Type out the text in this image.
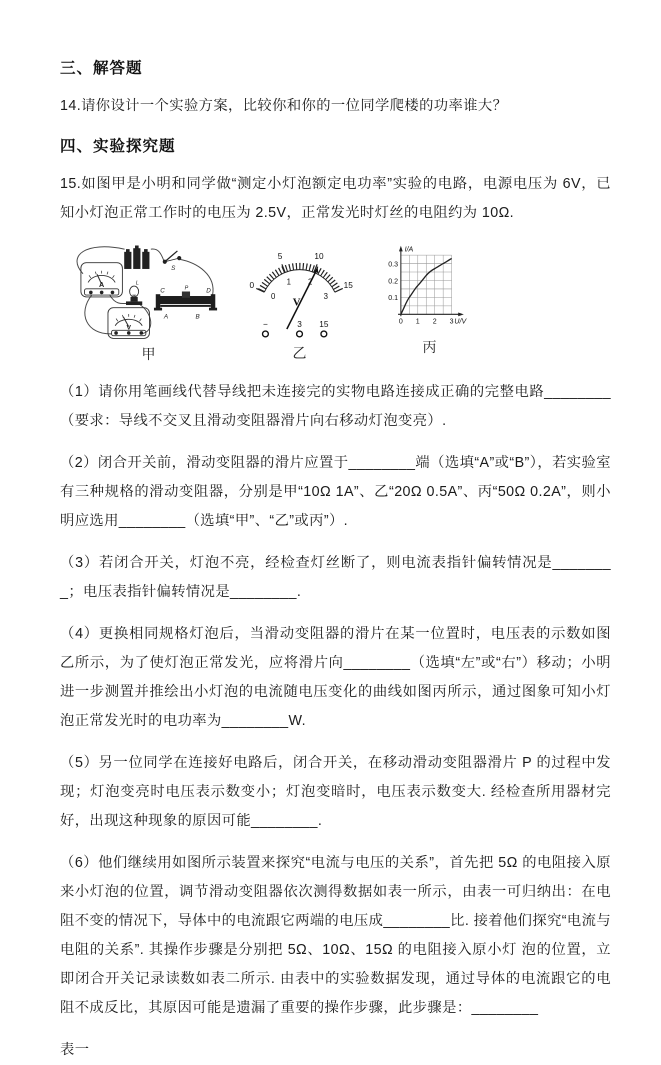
三、解答题

14.请你设计一个实验方案，比较你和你的一位同学爬楼的功率谁大？

四、实验探究题

15.如图甲是小明和同学做“测定小灯泡额定电功率”实验的电路，电源电压为 6V，已知小灯泡正常工作时的电压为 2.5V，正常发光时灯丝的电阻约为 10Ω.

S
A	L
C	P	D
A	B
V
甲
0
5	10
15
0
1 2
3
V
−	3 15
乙
0.3
0.2
0.1
0 1 2 3
I/A
U/V
丙

（1）请你用笔画线代替导线把未连接完的实物电路连接成正确的完整电路________（要求：导线不交叉且滑动变阻器滑片向右移动灯泡变亮）.

（2）闭合开关前，滑动变阻器的滑片应置于________端（选填“A”或“B”），若实验室有三种规格的滑动变阻器，分别是甲“10Ω 1A”、乙“20Ω 0.5A”、丙“50Ω 0.2A”，则小明应选用________（选填“甲”、“乙”或丙”）.

（3）若闭合开关，灯泡不亮，经检查灯丝断了，则电流表指针偏转情况是________；电压表指针偏转情况是________.

（4）更换相同规格灯泡后，当滑动变阻器的滑片在某一位置时，电压表的示数如图乙所示，为了使灯泡正常发光，应将滑片向________（选填“左”或“右”）移动；小明进一步测置并推绘出小灯泡的电流随电压变化的曲线如图丙所示，通过图象可知小灯泡正常发光时的电功率为________W.

（5）另一位同学在连接好电路后，闭合开关，在移动滑动变阻器滑片 P 的过程中发现；灯泡变亮时电压表示数变小；灯泡变暗时，电压表示数变大. 经检查所用器材完好，出现这种现象的原因可能________.

（6）他们继续用如图所示装置来探究“电流与电压的关系”，首先把 5Ω 的电阻接入原来小灯泡的位置，调节滑动变阻器依次测得数据如表一所示，由表一可归纳出：在电阻不变的情况下，导体中的电流跟它两端的电压成________比. 接着他们探究“电流与电阻的关系”. 其操作步骤是分别把 5Ω、10Ω、15Ω 的电阻接入原小灯 泡的位置，立即闭合开关记录读数如表二所示. 由表中的实验数据发现，通过导体的电流跟它的电阻不成反比，其原因可能是遗漏了重要的操作步骤，此步骤是：________

表一
